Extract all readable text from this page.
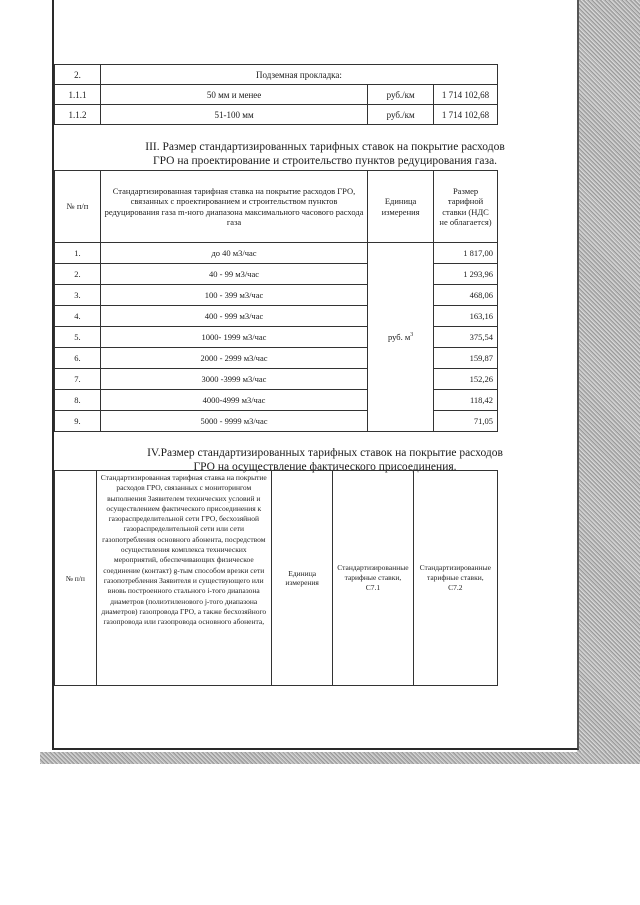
2.	Подземная прокладка:		
1.1.1	50 мм и менее	руб./км	1 714 102,68
1.1.2	51-100 мм	руб./км	1 714 102,68
III. Размер стандартизированных тарифных ставок на покрытие расходов
ГРО на проектирование и строительство пунктов редуцирования газа.
№ п/п	Стандартизированная тарифная ставка на покрытие расходов ГРО, связанных с проектированием и строительством пунктов редуцирования газа m-ного диапазона максимального часового расхода газа	Единица измерения	Размер тарифной ставки (НДС не облагается)
1.	до 40 м3/час	руб. $м^3$	1 817,00
2.	40 - 99 м3/час		1 293,96
3.	100 - 399 м3/час		468,06
4.	400 - 999 м3/час		163,16
5.	1000- 1999 м3/час		375,54
6.	2000 - 2999 м3/час		159,87
7.	3000 -3999 м3/час		152,26
8.	4000-4999 м3/час		118,42
9.	5000 - 9999 м3/час		71,05
IV.Размер стандартизированных тарифных ставок на покрытие расходов
ГРО на осуществление фактического присоединения.
№ п/п	Стандартизированная тарифная ставка на покрытие расходов ГРО, связанных с мониторингом выполнения Заявителем технических условий и осуществлением фактического присоединения к газораспределительной сети ГРО, бесхозяйной газораспределительной сети или сети газопотребления основного абонента, посредством осуществления комплекса технических мероприятий, обеспечивающих физическое соединение (контакт) g-тым способом врезки сети газопотребления Заявителя и существующего или вновь построенного стального i-того диапазона диаметров (полиэтиленового j-того диапазона диаметров) газопровода ГРО, а также бесхозяйного газопровода или газопровода основного абонента,	Единица измерения	Стандартизированные тарифные ставки, С7.1	Стандартизированные тарифные ставки, С7.2
